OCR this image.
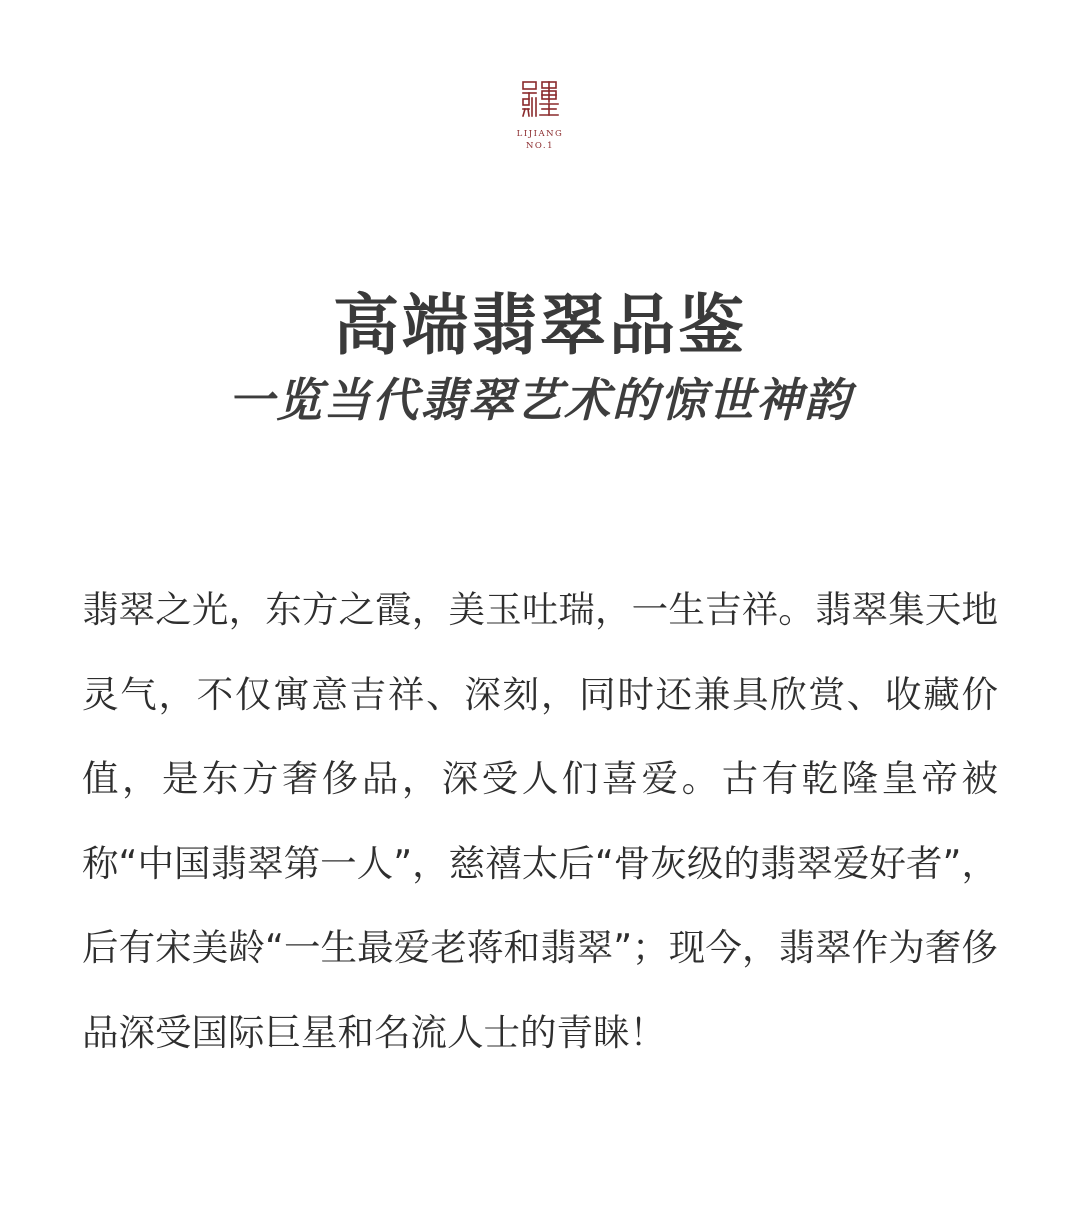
LIJIANG
NO.1
高端翡翠品鉴
一览当代翡翠艺术的惊世神韵

翡翠之光，东方之霞，美玉吐瑞，一生吉祥。翡翠集天地灵气，不仅寓意吉祥、深刻，同时还兼具欣赏、收藏价值，是东方奢侈品，深受人们喜爱。古有乾隆皇帝被称“中国翡翠第一人”，慈禧太后“骨灰级的翡翠爱好者”，后有宋美龄“一生最爱老蒋和翡翠”；现今，翡翠作为奢侈品深受国际巨星和名流人士的青睐！
